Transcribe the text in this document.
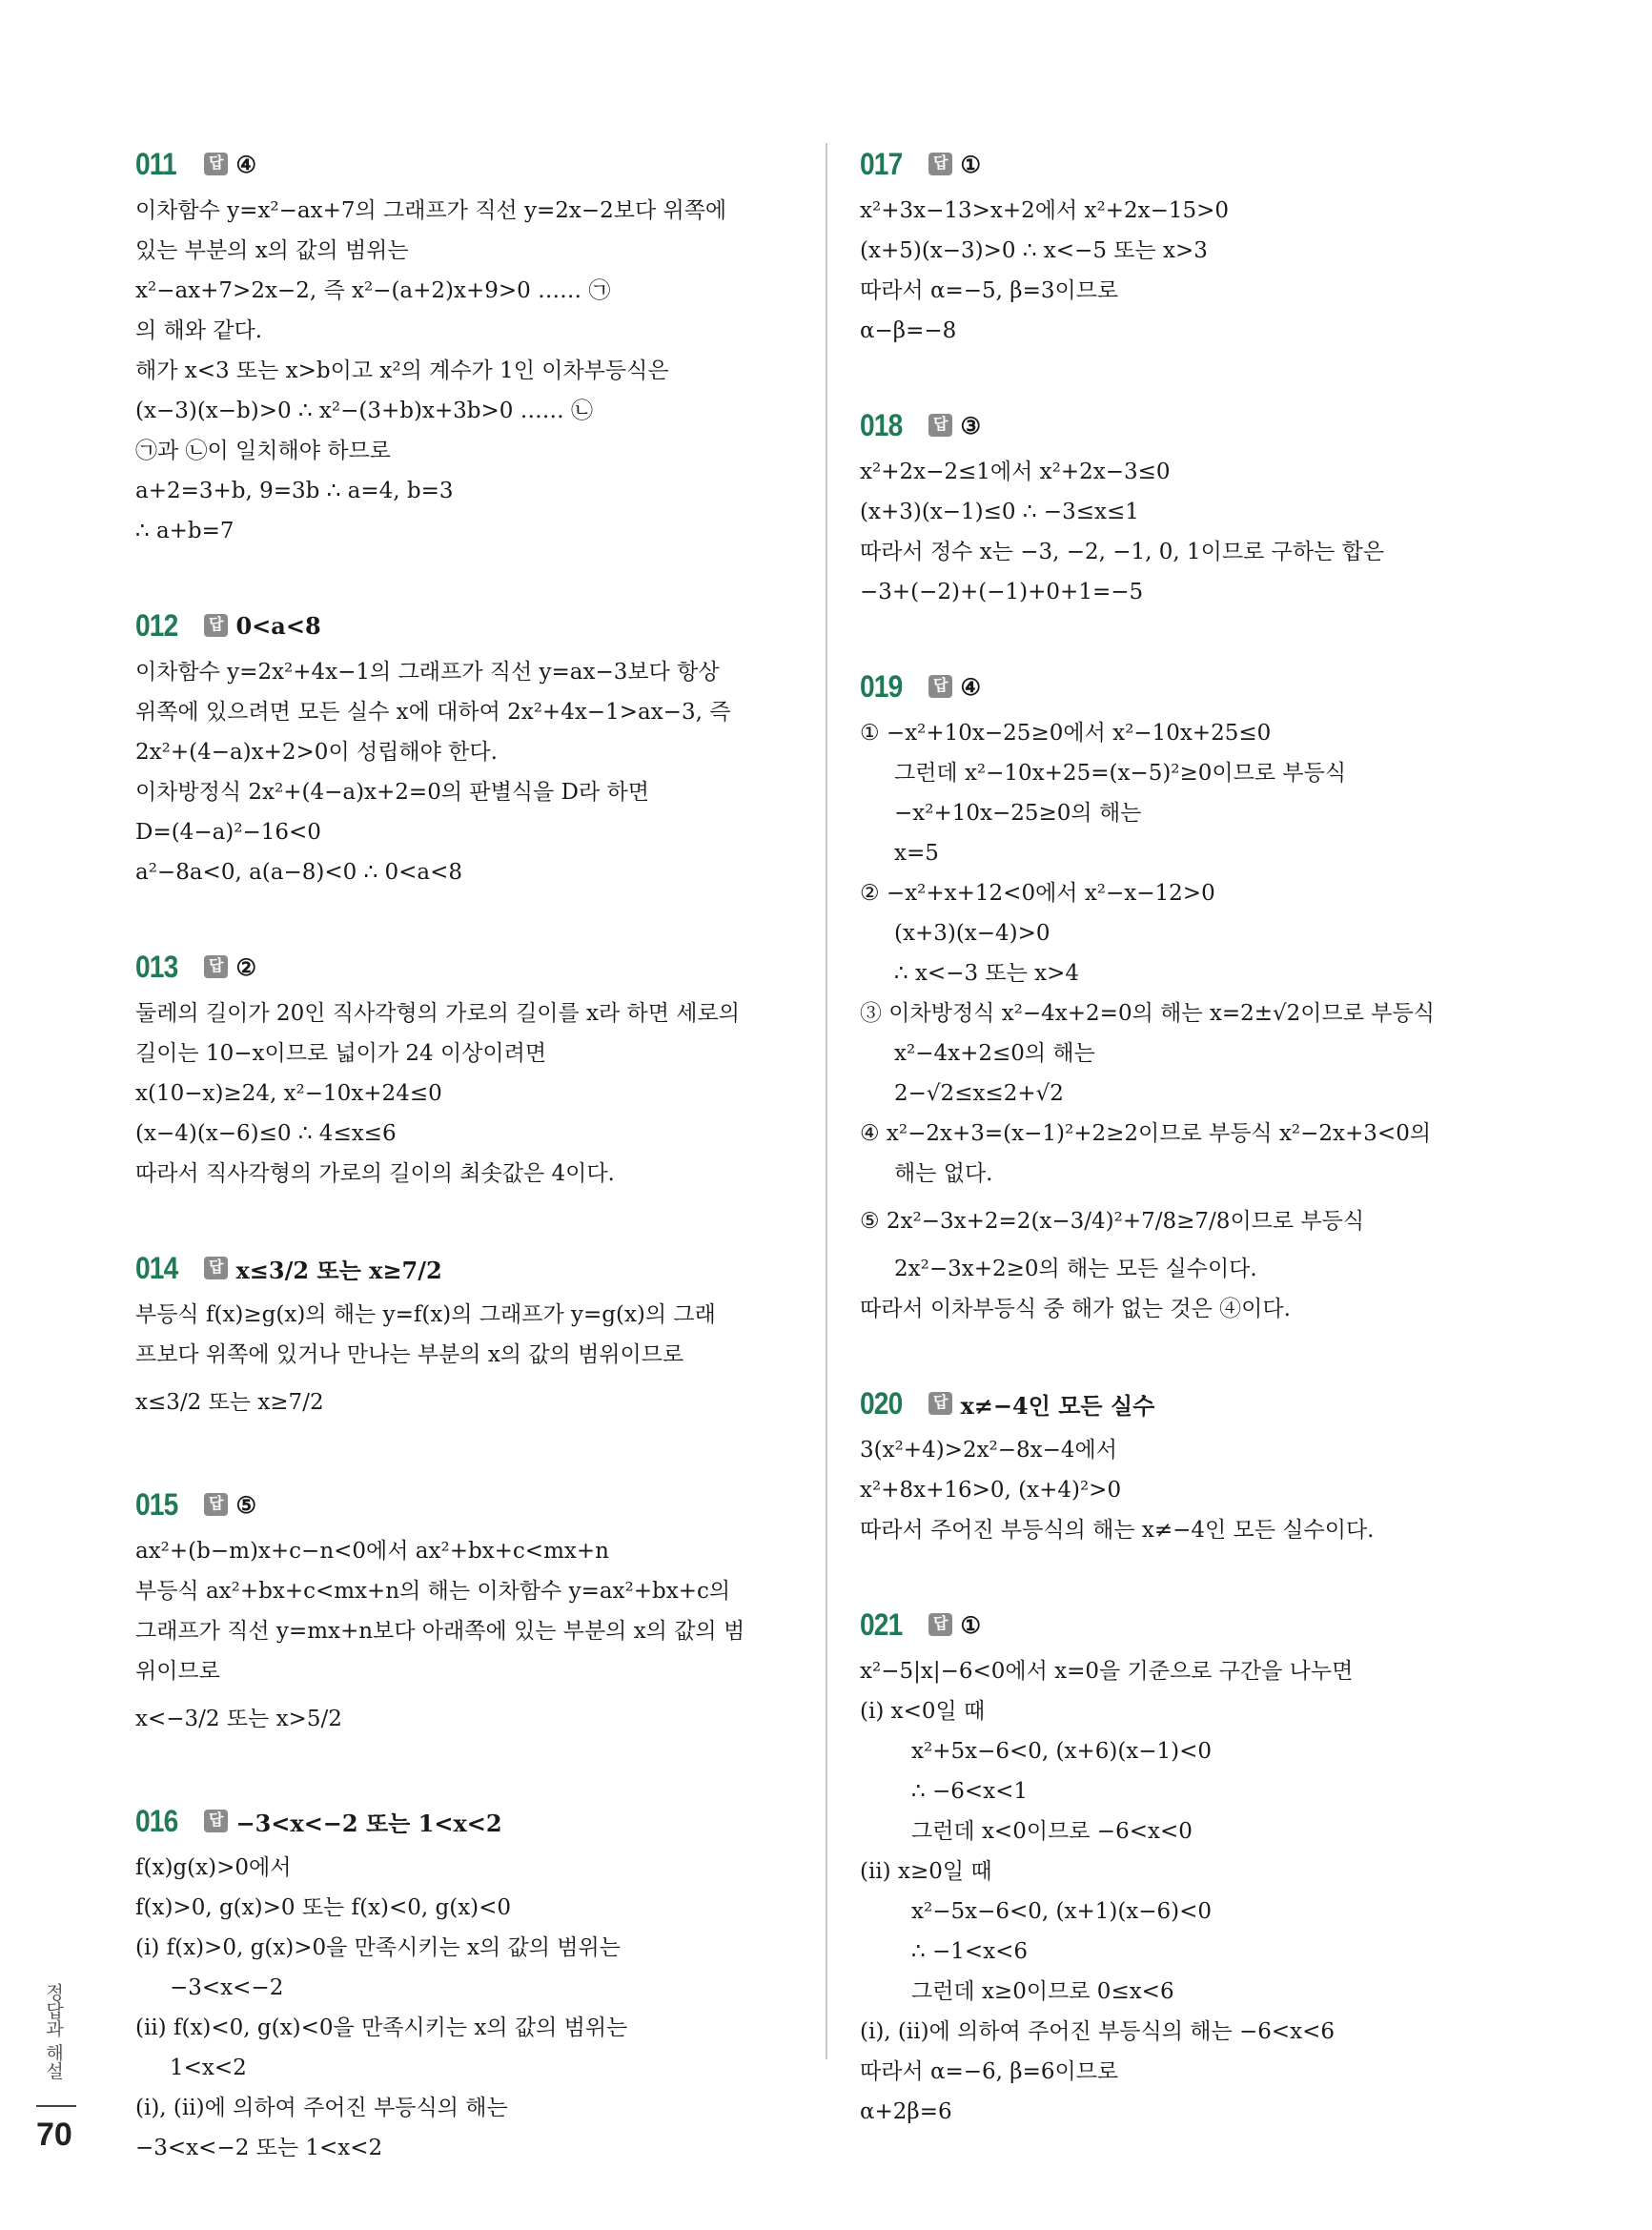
011	답 ④
이차함수 y=x²−ax+7의 그래프가 직선 y=2x−2보다 위쪽에
있는 부분의 x의 값의 범위는
x²−ax+7>2x−2, 즉 x²−(a+2)x+9>0 …… ㉠
의 해와 같다.
해가 x<3 또는 x>b이고 x²의 계수가 1인 이차부등식은
(x−3)(x−b)>0 ∴ x²−(3+b)x+3b>0 …… ㉡
㉠과 ㉡이 일치해야 하므로
a+2=3+b, 9=3b ∴ a=4, b=3
∴ a+b=7
012	답 0<a<8
이차함수 y=2x²+4x−1의 그래프가 직선 y=ax−3보다 항상
위쪽에 있으려면 모든 실수 x에 대하여 2x²+4x−1>ax−3, 즉
2x²+(4−a)x+2>0이 성립해야 한다.
이차방정식 2x²+(4−a)x+2=0의 판별식을 D라 하면
D=(4−a)²−16<0
a²−8a<0, a(a−8)<0 ∴ 0<a<8
013	답 ②
둘레의 길이가 20인 직사각형의 가로의 길이를 x라 하면 세로의
길이는 10−x이므로 넓이가 24 이상이려면
x(10−x)≥24, x²−10x+24≤0
(x−4)(x−6)≤0 ∴ 4≤x≤6
따라서 직사각형의 가로의 길이의 최솟값은 4이다.
014	답 x≤3/2 또는 x≥7/2
부등식 f(x)≥g(x)의 해는 y=f(x)의 그래프가 y=g(x)의 그래
프보다 위쪽에 있거나 만나는 부분의 x의 값의 범위이므로
x≤3/2 또는 x≥7/2
015	답 ⑤
ax²+(b−m)x+c−n<0에서 ax²+bx+c<mx+n
부등식 ax²+bx+c<mx+n의 해는 이차함수 y=ax²+bx+c의
그래프가 직선 y=mx+n보다 아래쪽에 있는 부분의 x의 값의 범
위이므로
x<−3/2 또는 x>5/2
016	답 −3<x<−2 또는 1<x<2
f(x)g(x)>0에서
f(x)>0, g(x)>0 또는 f(x)<0, g(x)<0
(ⅰ) f(x)>0, g(x)>0을 만족시키는 x의 값의 범위는
−3<x<−2
(ⅱ) f(x)<0, g(x)<0을 만족시키는 x의 값의 범위는
1<x<2
(ⅰ), (ⅱ)에 의하여 주어진 부등식의 해는
−3<x<−2 또는 1<x<2
017	답 ①
x²+3x−13>x+2에서 x²+2x−15>0
(x+5)(x−3)>0 ∴ x<−5 또는 x>3
따라서 α=−5, β=3이므로
α−β=−8
018	답 ③
x²+2x−2≤1에서 x²+2x−3≤0
(x+3)(x−1)≤0 ∴ −3≤x≤1
따라서 정수 x는 −3, −2, −1, 0, 1이므로 구하는 합은
−3+(−2)+(−1)+0+1=−5
019	답 ④
① −x²+10x−25≥0에서 x²−10x+25≤0
그런데 x²−10x+25=(x−5)²≥0이므로 부등식
−x²+10x−25≥0의 해는
x=5
② −x²+x+12<0에서 x²−x−12>0
(x+3)(x−4)>0
∴ x<−3 또는 x>4
③ 이차방정식 x²−4x+2=0의 해는 x=2±√2이므로 부등식
x²−4x+2≤0의 해는
2−√2≤x≤2+√2
④ x²−2x+3=(x−1)²+2≥2이므로 부등식 x²−2x+3<0의
해는 없다.
⑤ 2x²−3x+2=2(x−3/4)²+7/8≥7/8이므로 부등식
2x²−3x+2≥0의 해는 모든 실수이다.
따라서 이차부등식 중 해가 없는 것은 ④이다.
020	답 x≠−4인 모든 실수
3(x²+4)>2x²−8x−4에서
x²+8x+16>0, (x+4)²>0
따라서 주어진 부등식의 해는 x≠−4인 모든 실수이다.
021	답 ①
x²−5|x|−6<0에서 x=0을 기준으로 구간을 나누면
(ⅰ) x<0일 때
x²+5x−6<0, (x+6)(x−1)<0
∴ −6<x<1
그런데 x<0이므로 −6<x<0
(ⅱ) x≥0일 때
x²−5x−6<0, (x+1)(x−6)<0
∴ −1<x<6
그런데 x≥0이므로 0≤x<6
(ⅰ), (ⅱ)에 의하여 주어진 부등식의 해는 −6<x<6
따라서 α=−6, β=6이므로
α+2β=6
정답과 해설
70
